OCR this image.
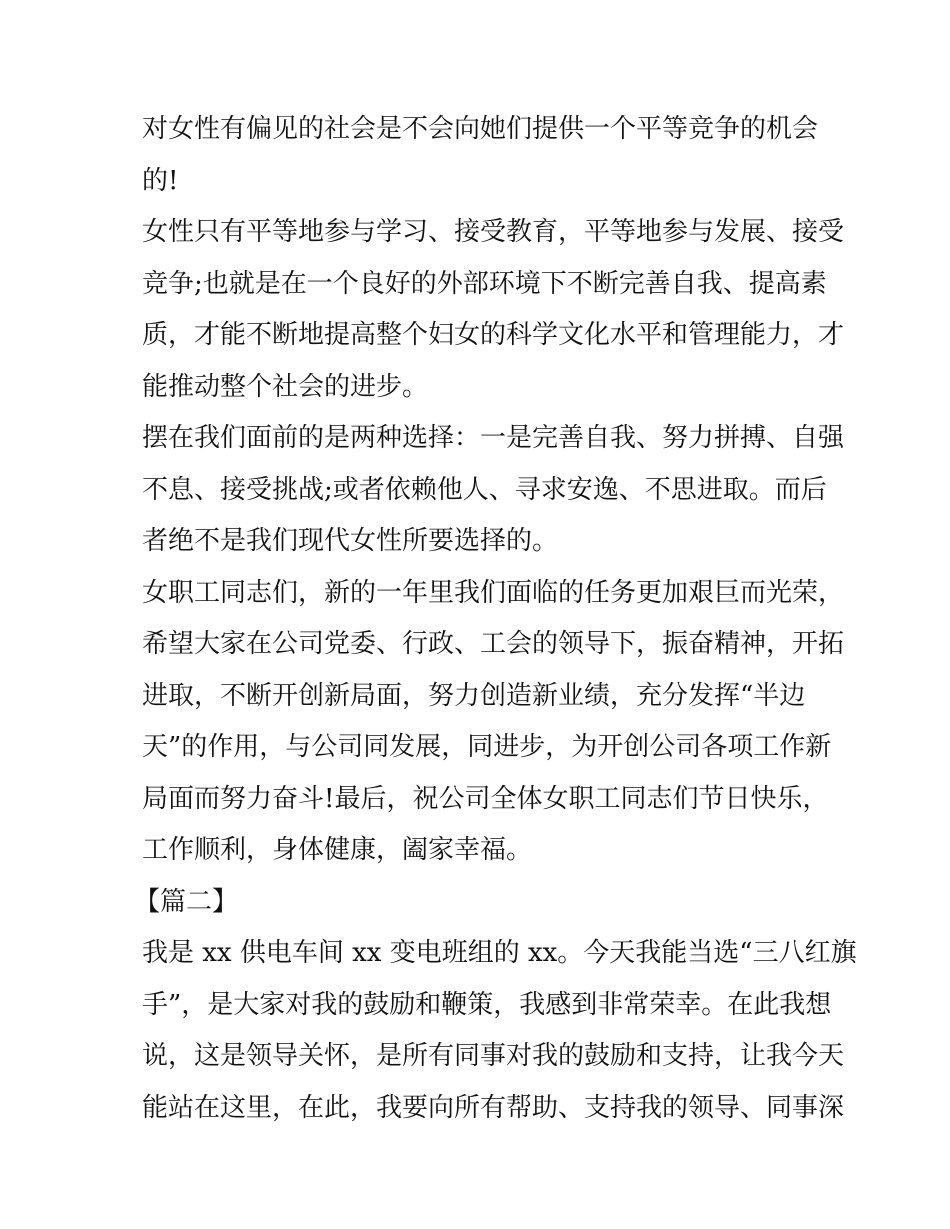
对女性有偏见的社会是不会向她们提供一个平等竞争的机会
的!
女性只有平等地参与学习、接受教育，平等地参与发展、接受
竞争;也就是在一个良好的外部环境下不断完善自我、提高素
质，才能不断地提高整个妇女的科学文化水平和管理能力，才
能推动整个社会的进步。
摆在我们面前的是两种选择：一是完善自我、努力拼搏、自强
不息、接受挑战;或者依赖他人、寻求安逸、不思进取。而后
者绝不是我们现代女性所要选择的。
女职工同志们，新的一年里我们面临的任务更加艰巨而光荣，
希望大家在公司党委、行政、工会的领导下，振奋精神，开拓
进取，不断开创新局面，努力创造新业绩，充分发挥“半边
天”的作用，与公司同发展，同进步，为开创公司各项工作新
局面而努力奋斗!最后，祝公司全体女职工同志们节日快乐，
工作顺利，身体健康，阖家幸福。
【篇二】
我是 xx 供电车间 xx 变电班组的 xx。今天我能当选“三八红旗
手”，是大家对我的鼓励和鞭策，我感到非常荣幸。在此我想
说，这是领导关怀，是所有同事对我的鼓励和支持，让我今天
能站在这里，在此，我要向所有帮助、支持我的领导、同事深
